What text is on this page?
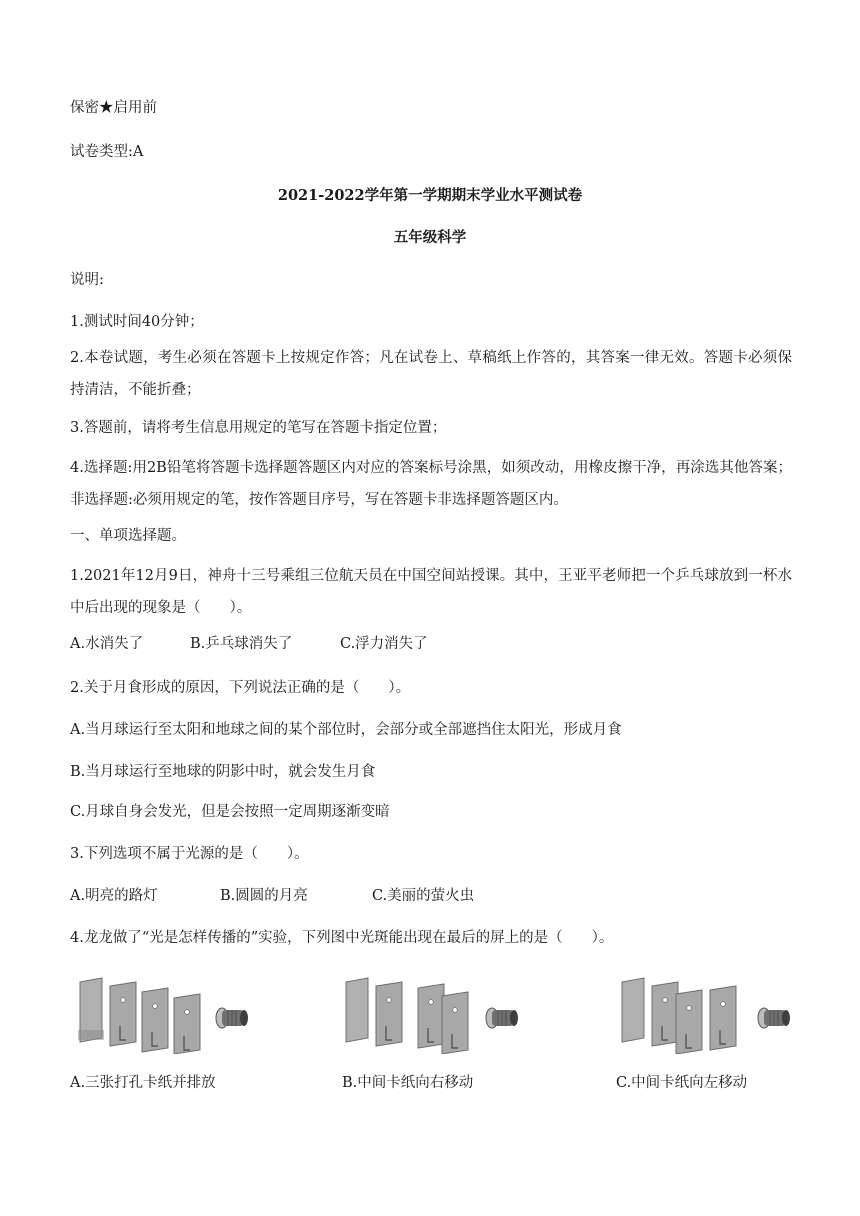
保密★启用前
试卷类型:A
2021-2022学年第一学期期末学业水平测试卷
五年级科学
说明:
1.测试时间40分钟；
2.本卷试题，考生必须在答题卡上按规定作答；凡在试卷上、草稿纸上作答的，其答案一律无效。答题卡必须保持清洁，不能折叠；
3.答题前，请将考生信息用规定的笔写在答题卡指定位置；
4.选择题:用2B铅笔将答题卡选择题答题区内对应的答案标号涂黑，如须改动，用橡皮擦干净，再涂选其他答案；非选择题:必须用规定的笔，按作答题目序号，写在答题卡非选择题答题区内。
一、单项选择题。
1.2021年12月9日，神舟十三号乘组三位航天员在中国空间站授课。其中，王亚平老师把一个乒乓球放到一杯水中后出现的现象是（　　）。
A.水消失了	B.乒乓球消失了	C.浮力消失了
2.关于月食形成的原因，下列说法正确的是（　　）。
A.当月球运行至太阳和地球之间的某个部位时，会部分或全部遮挡住太阳光，形成月食
B.当月球运行至地球的阴影中时，就会发生月食
C.月球自身会发光，但是会按照一定周期逐渐变暗
3.下列选项不属于光源的是（　　）。
A.明亮的路灯	B.圆圆的月亮	C.美丽的萤火虫
4.龙龙做了“光是怎样传播的”实验，下列图中光斑能出现在最后的屏上的是（　　）。
A.三张打孔卡纸并排放	B.中间卡纸向右移动	C.中间卡纸向左移动
